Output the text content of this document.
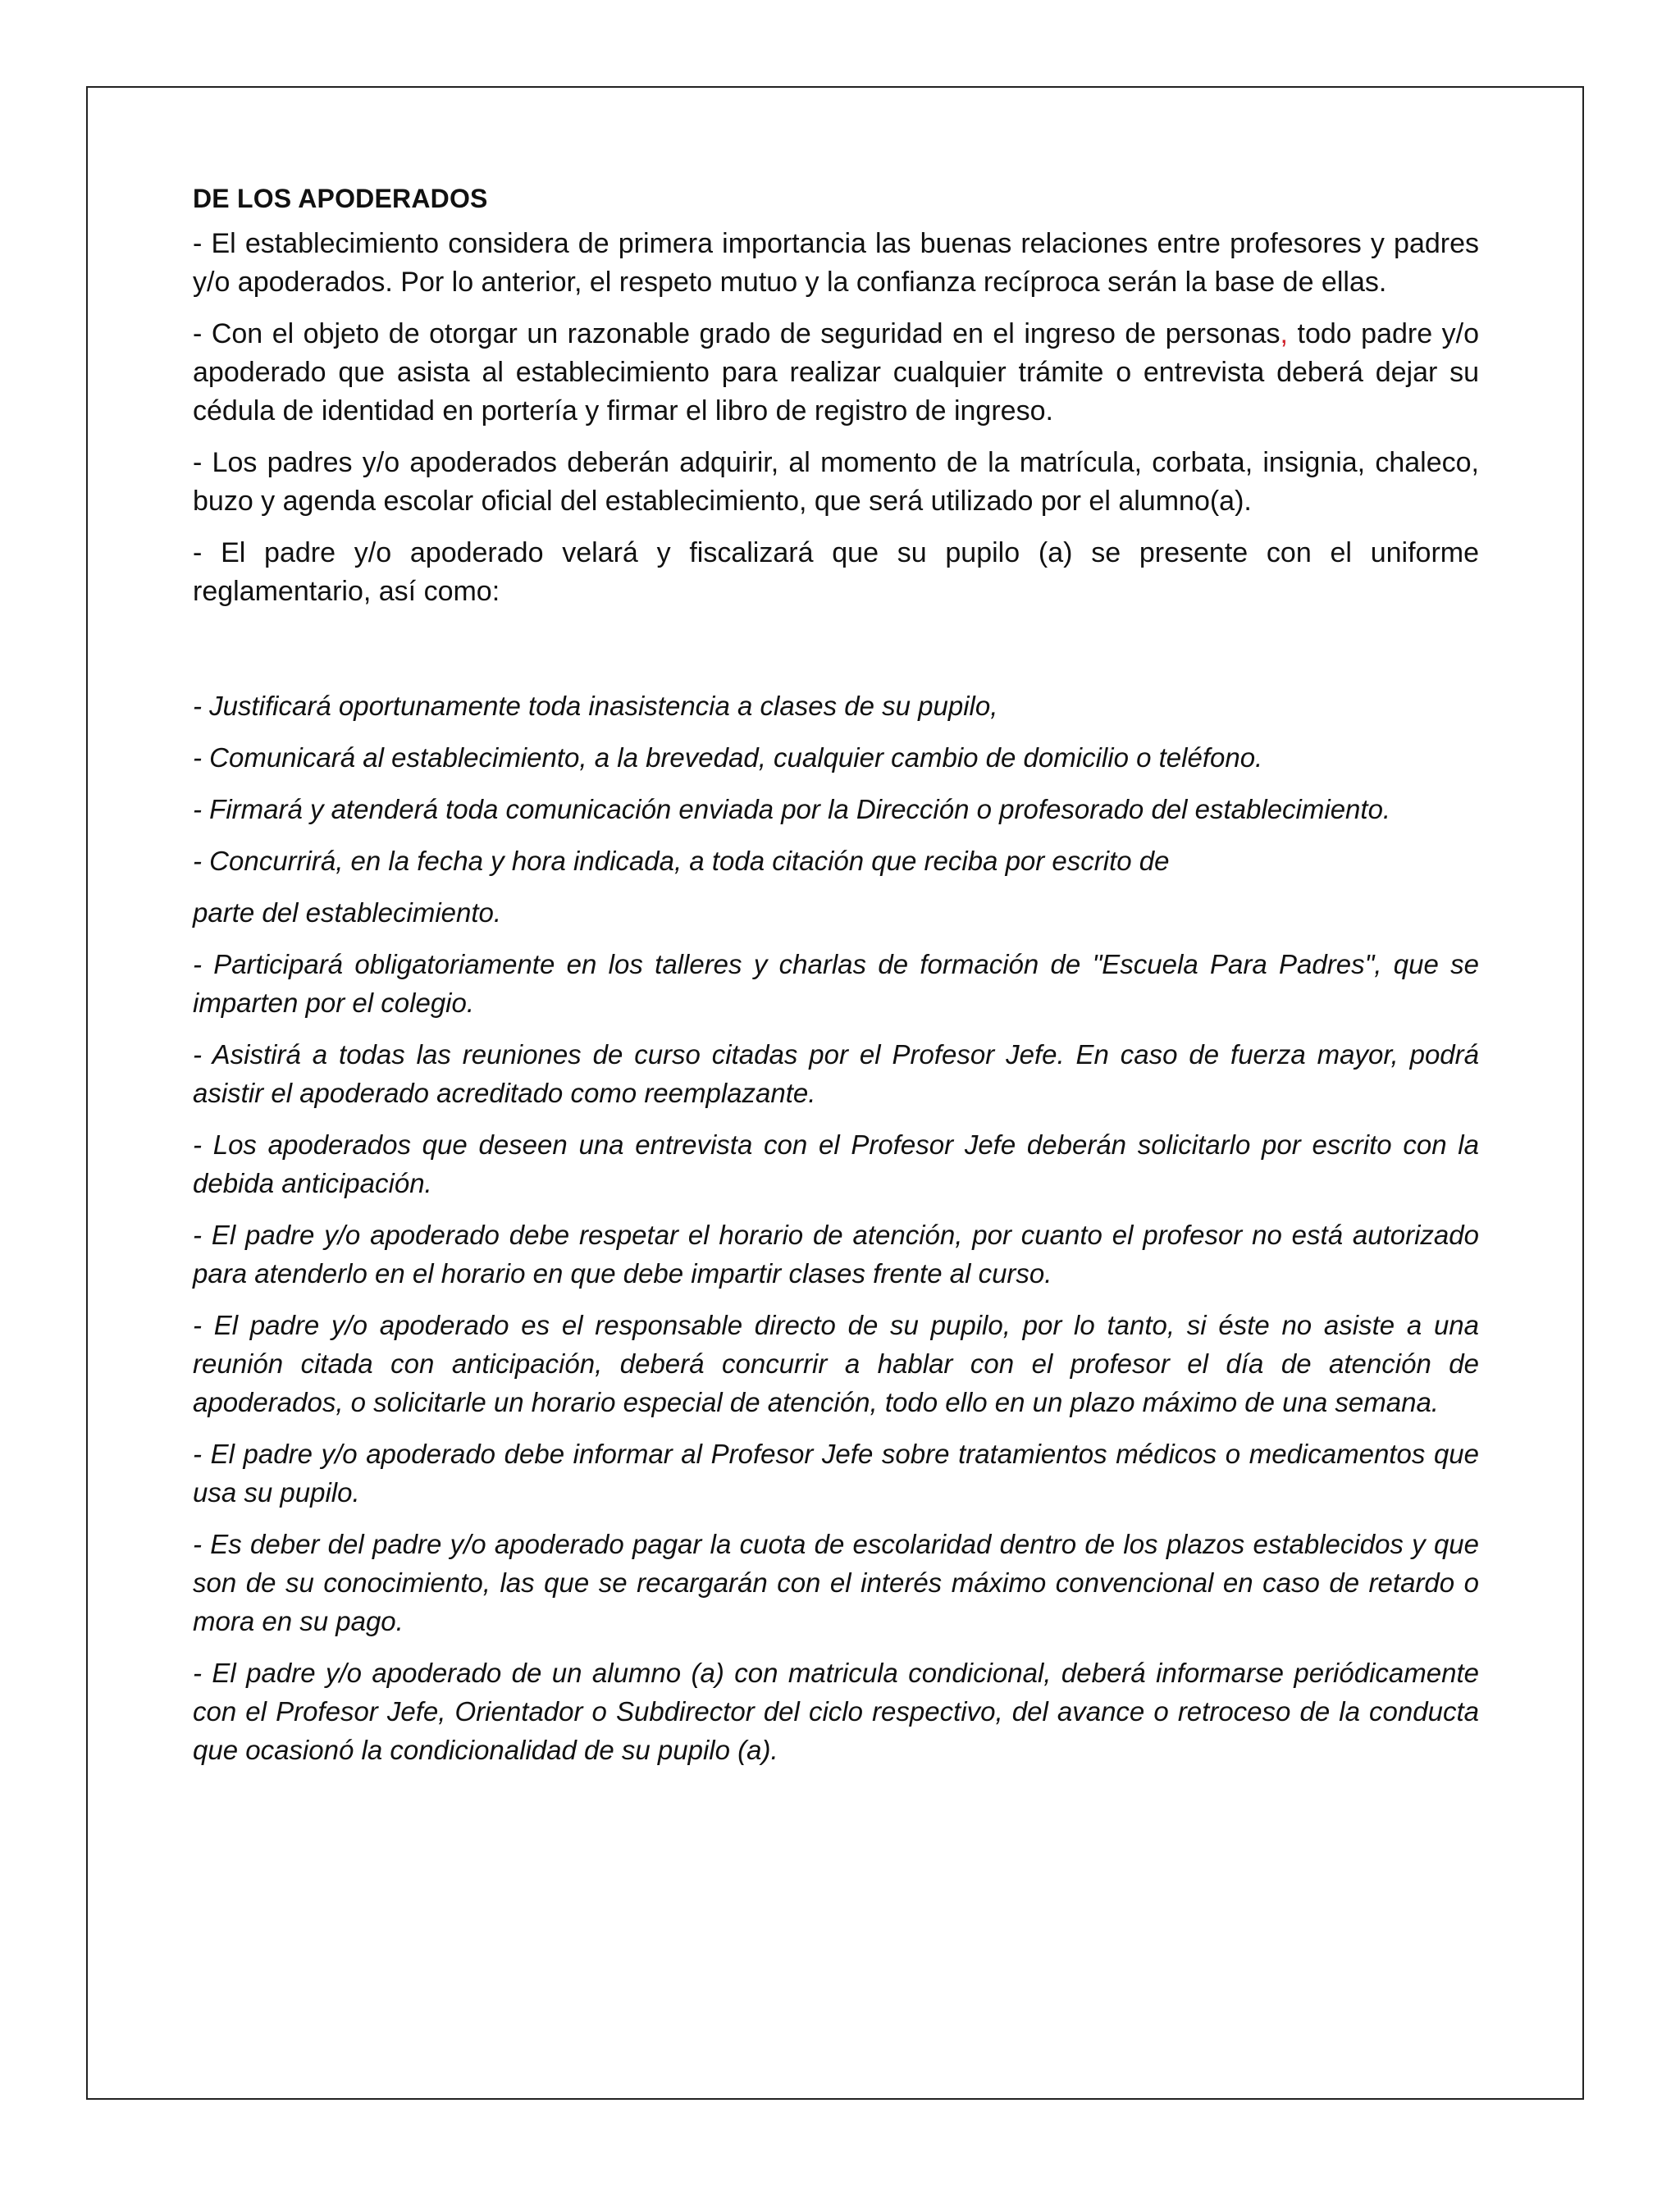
DE LOS APODERADOS

- El establecimiento considera de primera importancia las buenas relaciones entre profesores y padres y/o apoderados. Por lo anterior, el respeto mutuo y la confianza recíproca serán la base de ellas.

- Con el objeto de otorgar un razonable grado de seguridad en el ingreso de personas, todo padre y/o apoderado que asista al establecimiento para realizar cualquier trámite o entrevista deberá dejar su cédula de identidad en portería y firmar el libro de registro de ingreso.

- Los padres y/o apoderados deberán adquirir, al momento de la matrícula, corbata, insignia, chaleco, buzo y agenda escolar oficial del establecimiento, que será utilizado por el alumno(a).

- El padre y/o apoderado velará y fiscalizará que su pupilo (a) se presente con el uniforme reglamentario, así como:

- Justificará oportunamente toda inasistencia a clases de su pupilo,

- Comunicará al establecimiento, a la brevedad, cualquier cambio de domicilio o teléfono.

- Firmará y atenderá toda comunicación enviada por la Dirección o profesorado del establecimiento.

- Concurrirá, en la fecha y hora indicada, a toda citación que reciba por escrito de

parte del establecimiento.

- Participará obligatoriamente en los talleres y charlas de formación de "Escuela Para Padres", que se imparten por el colegio.

- Asistirá a todas las reuniones de curso citadas por el Profesor Jefe. En caso de fuerza mayor, podrá asistir el apoderado acreditado como reemplazante.

- Los apoderados que deseen una entrevista con el Profesor Jefe deberán solicitarlo por escrito con la debida anticipación.

- El padre y/o apoderado debe respetar el horario de atención, por cuanto el profesor no está autorizado para atenderlo en el horario en que debe impartir clases frente al curso.

- El padre y/o apoderado es el responsable directo de su pupilo, por lo tanto, si éste no asiste a una reunión citada con anticipación, deberá concurrir a hablar con el profesor el día de atención de apoderados, o solicitarle un horario especial de atención, todo ello en un plazo máximo de una semana.

- El padre y/o apoderado debe informar al Profesor Jefe sobre tratamientos médicos o medicamentos que usa su pupilo.

- Es deber del padre y/o apoderado pagar la cuota de escolaridad dentro de los plazos establecidos y que son de su conocimiento, las que se recargarán con el interés máximo convencional en caso de retardo o mora en su pago.

- El padre y/o apoderado de un alumno (a) con matricula condicional, deberá informarse periódicamente con el Profesor Jefe, Orientador o Subdirector del ciclo respectivo, del avance o retroceso de la conducta que ocasionó la condicionalidad de su pupilo (a).
